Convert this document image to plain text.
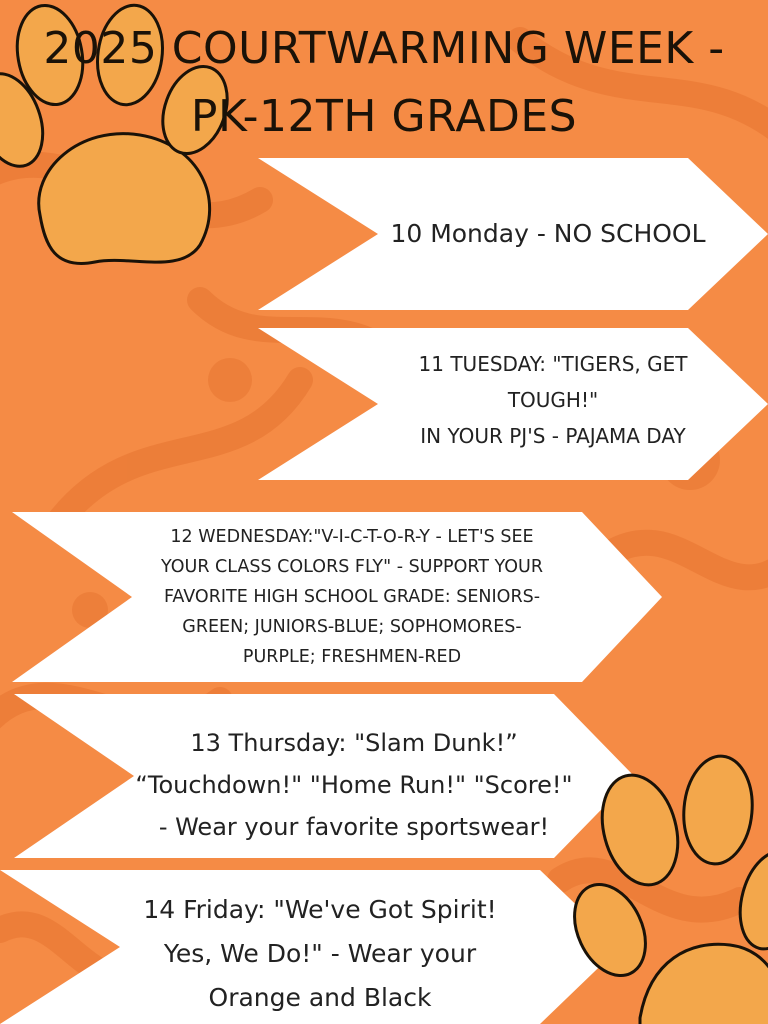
2025 COURTWARMING WEEK -
PK-12TH GRADES
10 Monday - NO SCHOOL
11 TUESDAY: "TIGERS, GET
TOUGH!"
IN YOUR PJ'S - PAJAMA DAY
12 WEDNESDAY:"V-I-C-T-O-R-Y - LET'S SEE
YOUR CLASS COLORS FLY" - SUPPORT YOUR
FAVORITE HIGH SCHOOL GRADE: SENIORS-
GREEN; JUNIORS-BLUE; SOPHOMORES-
PURPLE; FRESHMEN-RED
13 Thursday: "Slam Dunk!”
“Touchdown!" "Home Run!" "Score!"
- Wear your favorite sportswear!
14 Friday: "We've Got Spirit!
Yes, We Do!" - Wear your
Orange and Black
